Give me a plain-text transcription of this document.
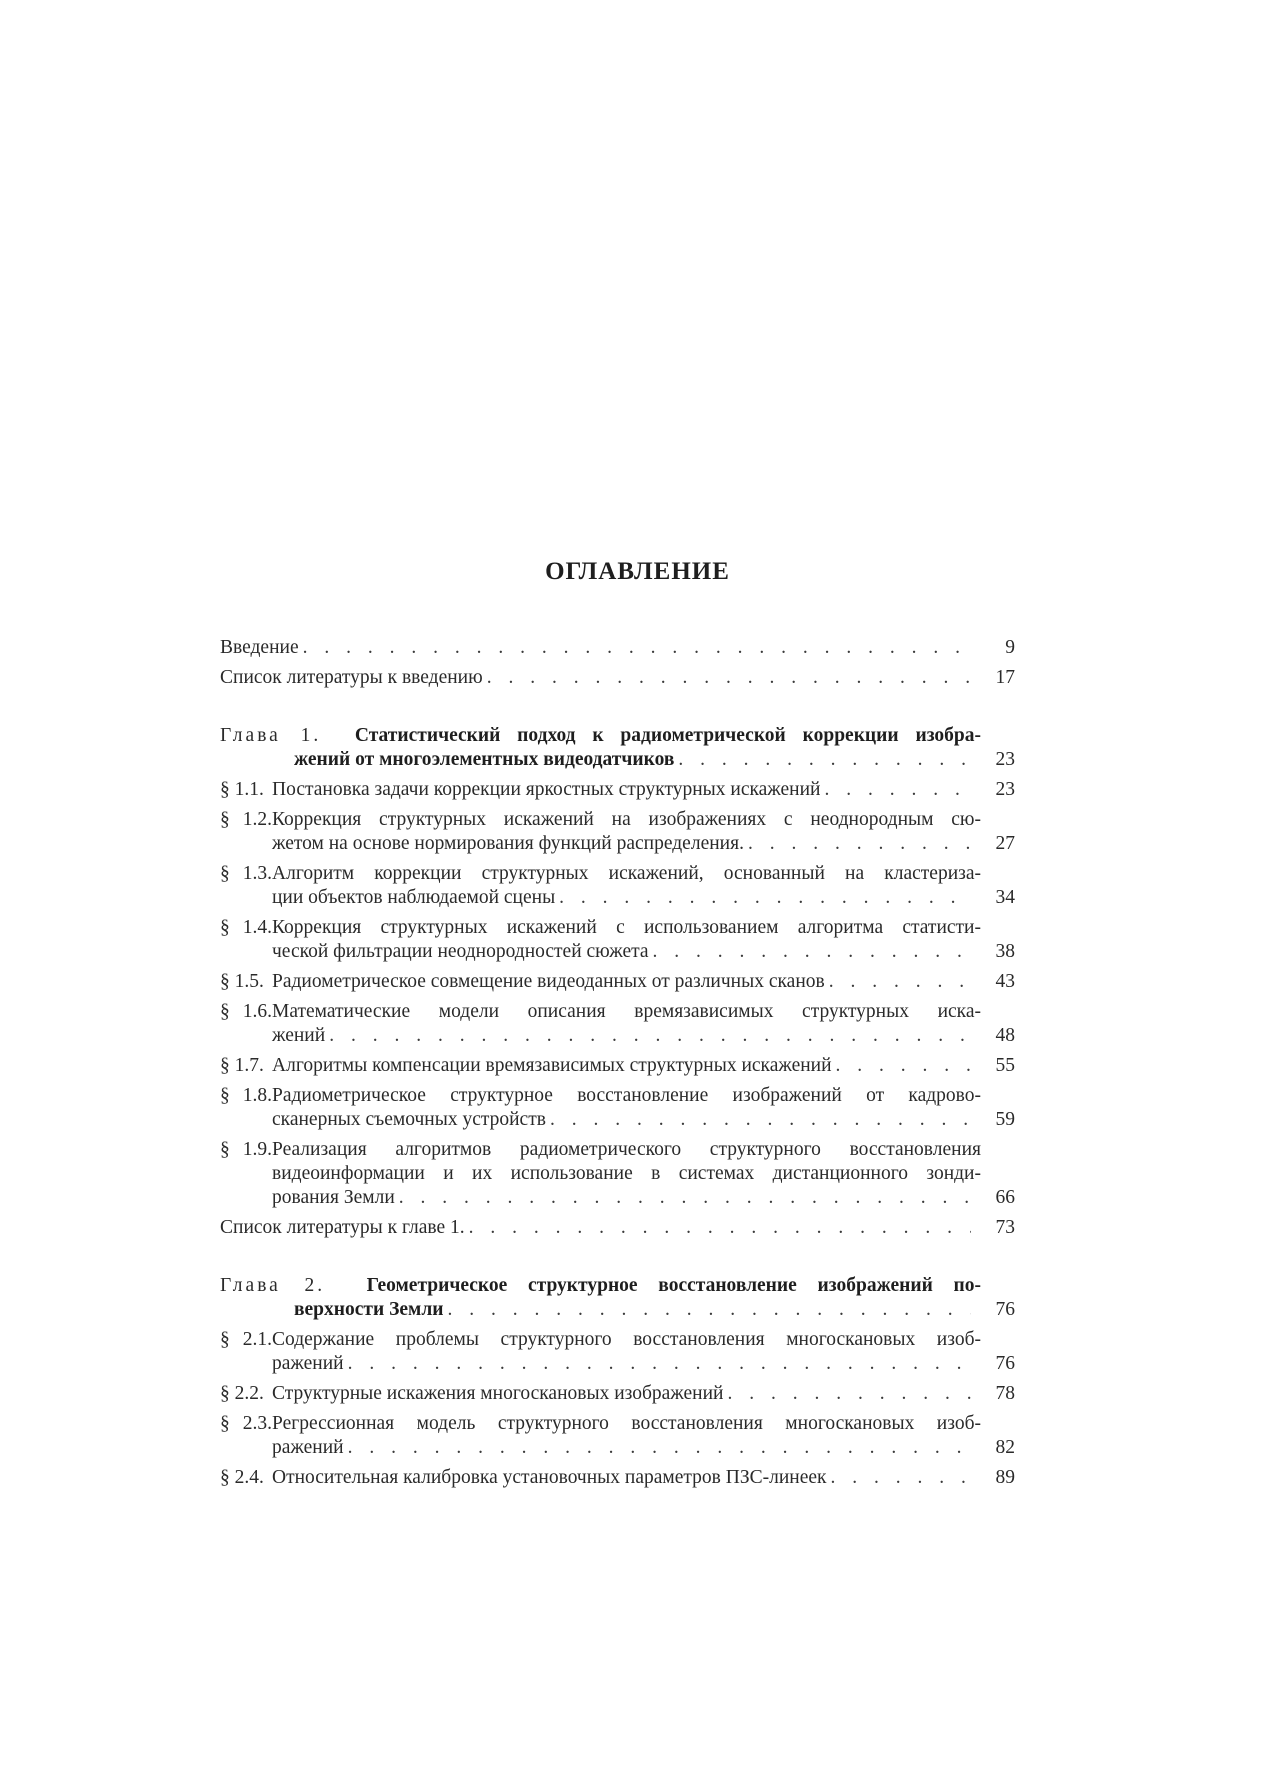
ОГЛАВЛЕНИЕ
Введение . . .	9
Список литературы к введению . . .	17
Глава 1. Статистический подход к радиометрической коррекции изобра-
жений от многоэлементных видеодатчиков . . .	23
§ 1.1. Постановка задачи коррекции яркостных структурных искажений . . .	23
§ 1.2. Коррекция структурных искажений на изображениях с неоднородным сю-
жетом на основе нормирования функций распределения. . . .	27
§ 1.3. Алгоритм коррекции структурных искажений, основанный на кластериза-
ции объектов наблюдаемой сцены . . .	34
§ 1.4. Коррекция структурных искажений с использованием алгоритма статисти-
ческой фильтрации неоднородностей сюжета . . .	38
§ 1.5. Радиометрическое совмещение видеоданных от различных сканов . . .	43
§ 1.6. Математические модели описания времязависимых структурных иска-
жений . . .	48
§ 1.7. Алгоритмы компенсации времязависимых структурных искажений . . .	55
§ 1.8. Радиометрическое структурное восстановление изображений от кадрово-
сканерных съемочных устройств . . .	59
§ 1.9. Реализация алгоритмов радиометрического структурного восстановления
видеоинформации и их использование в системах дистанционного зонди-
рования Земли . . .	66
Список литературы к главе 1. . . .	73
Глава 2. Геометрическое структурное восстановление изображений по-
верхности Земли . . .	76
§ 2.1. Содержание проблемы структурного восстановления многоскановых изоб-
ражений . . .	76
§ 2.2. Структурные искажения многоскановых изображений . . .	78
§ 2.3. Регрессионная модель структурного восстановления многоскановых изоб-
ражений . . .	82
§ 2.4. Относительная калибровка установочных параметров ПЗС-линеек . . .	89
